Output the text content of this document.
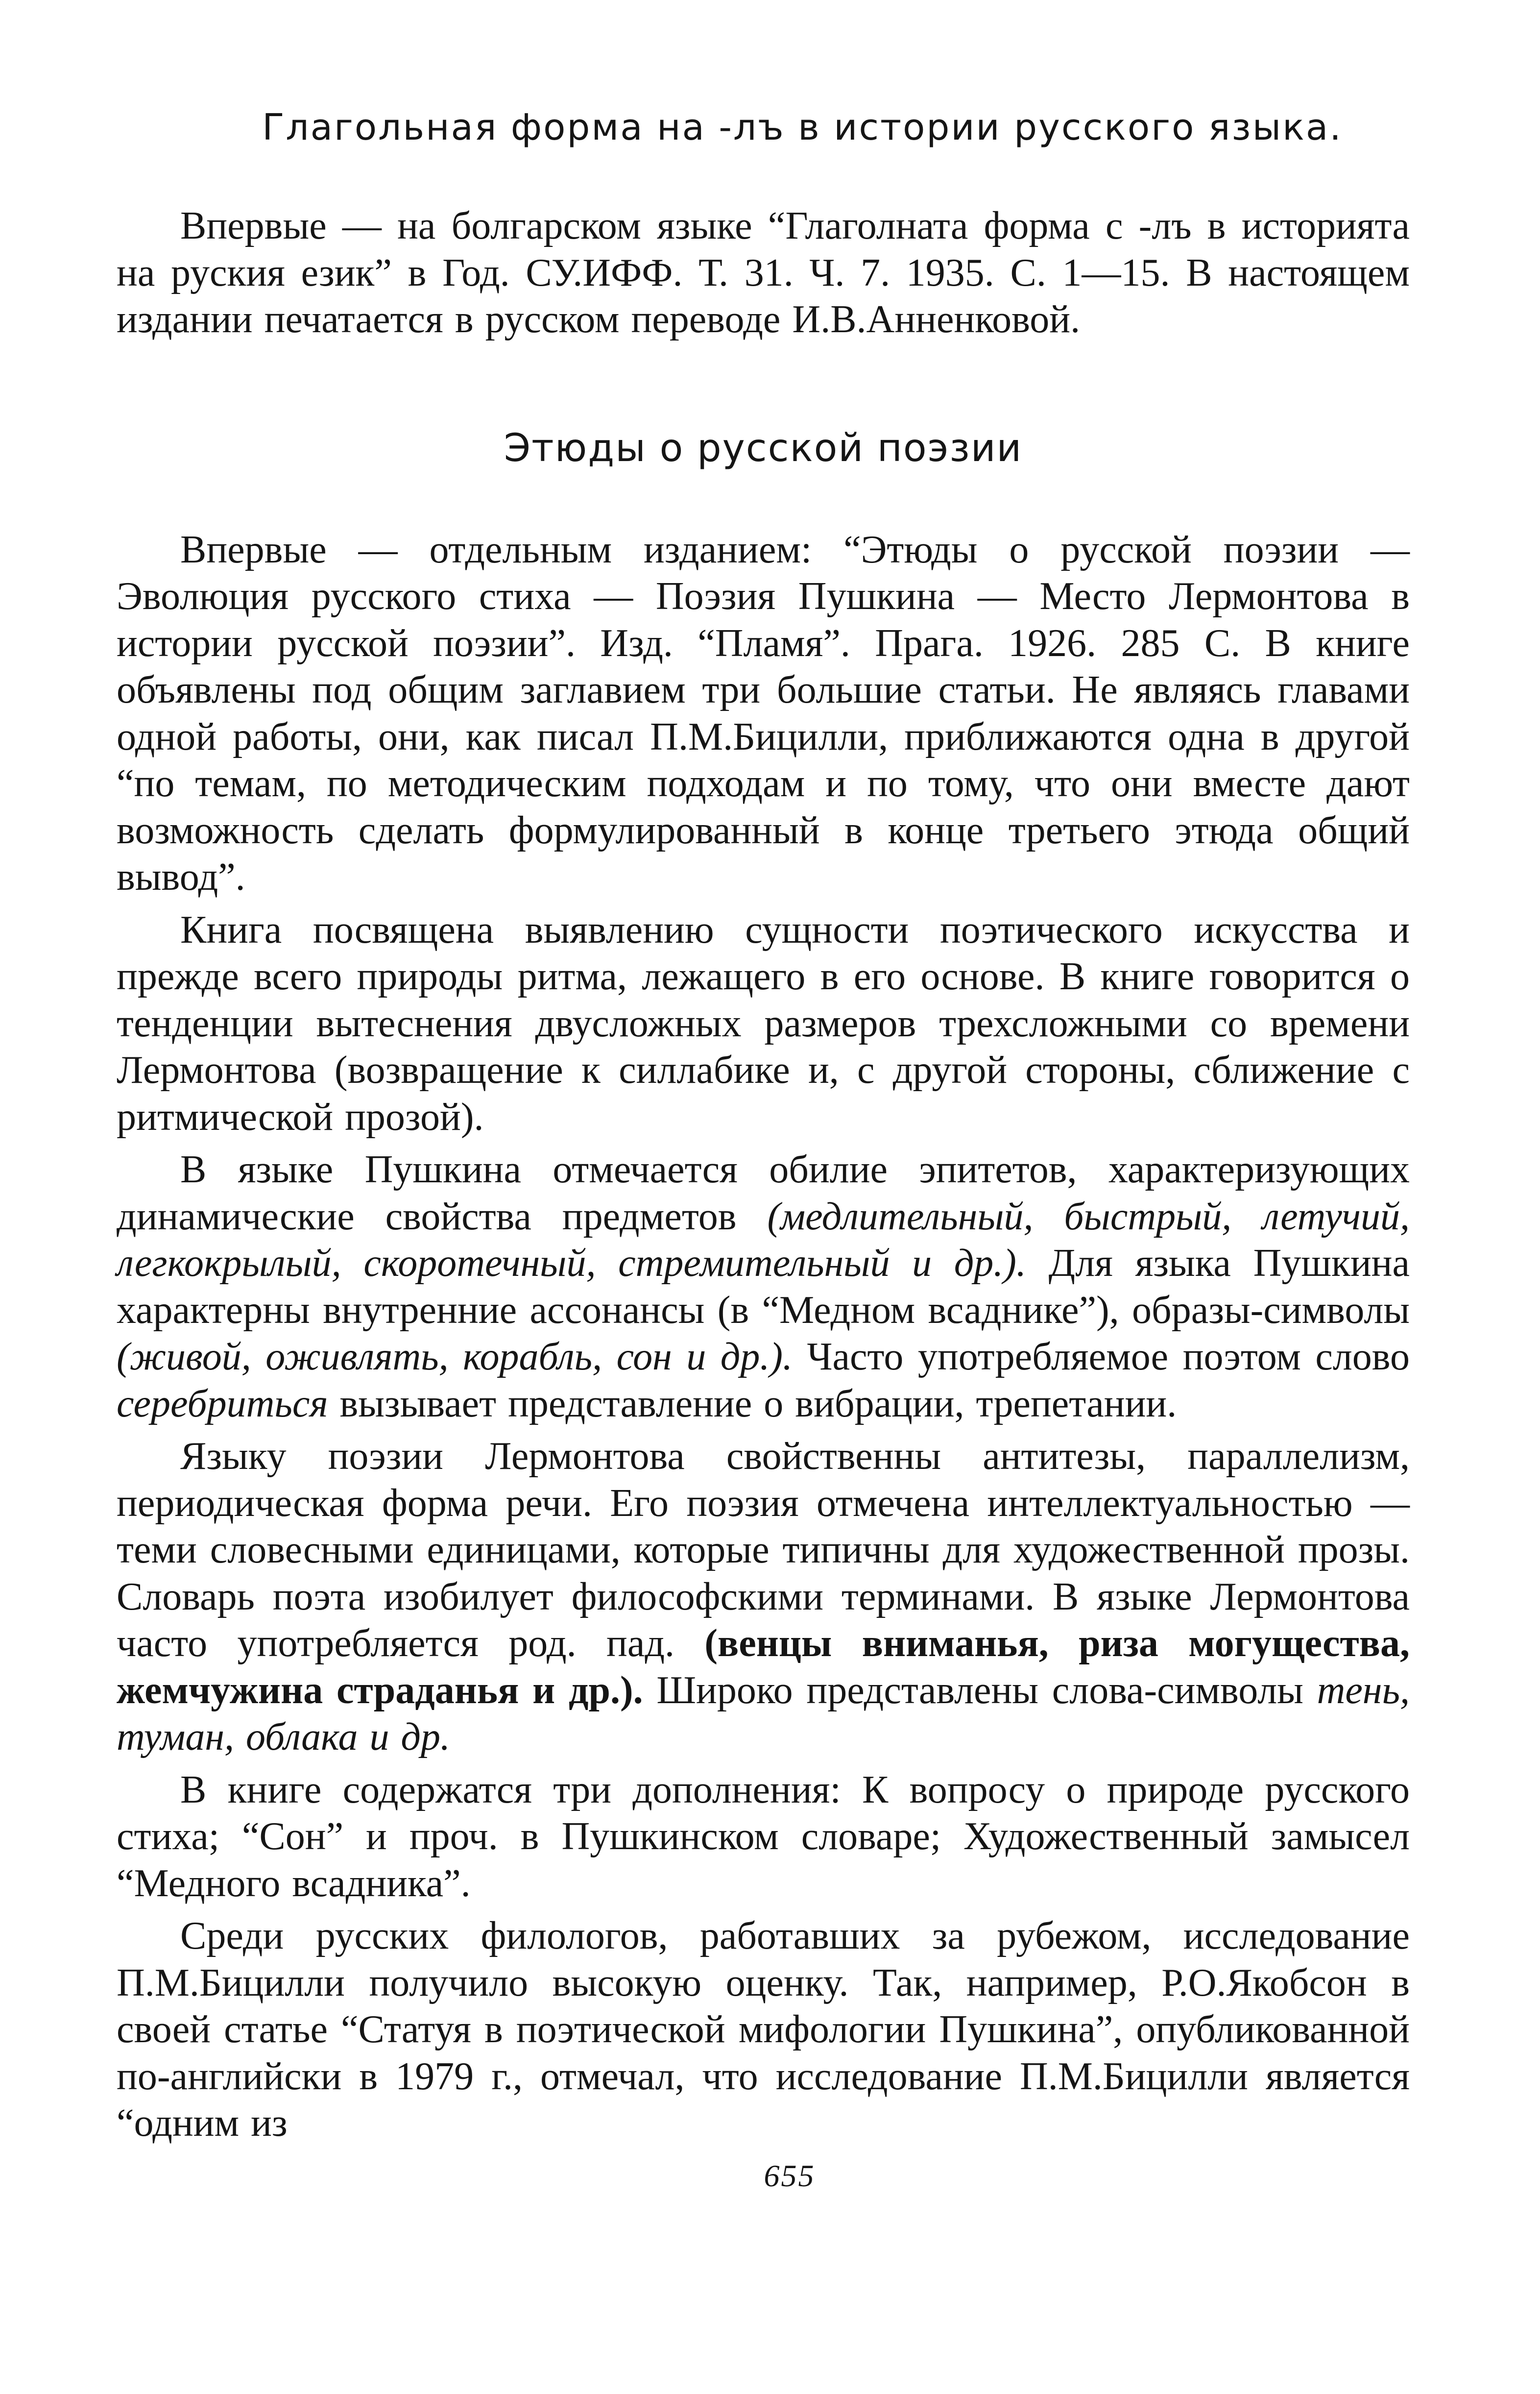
Глагольная форма на -лъ в истории русского языка.

Впервые — на болгарском языке “Глаголната форма с -лъ в историята на руския език” в Год. СУ.ИФФ. Т. 31. Ч. 7. 1935. С. 1—15. В настоящем издании печатается в русском переводе И.В.Анненковой.

Этюды о русской поэзии

Впервые — отдельным изданием: “Этюды о русской поэзии — Эволюция русского стиха — Поэзия Пушкина — Место Лермонтова в истории русской поэзии”. Изд. “Пламя”. Прага. 1926. 285 С. В книге объявлены под общим заглавием три большие статьи. Не являясь главами одной работы, они, как писал П.М.Бицилли, приближаются одна в другой “по темам, по методическим подходам и по тому, что они вместе дают возможность сделать формулированный в конце третьего этюда общий вывод”.

Книга посвящена выявлению сущности поэтического искусства и прежде всего природы ритма, лежащего в его основе. В книге говорится о тенденции вытеснения двусложных размеров трехсложными со времени Лермонтова (возвращение к силлабике и, с другой стороны, сближение с ритмической прозой).

В языке Пушкина отмечается обилие эпитетов, характеризующих динамические свойства предметов (медлительный, быстрый, летучий, легкокрылый, скоротечный, стремительный и др.). Для языка Пушкина характерны внутренние ассонансы (в “Медном всаднике”), образы-символы (живой, оживлять, корабль, сон и др.). Часто употребляемое поэтом слово серебриться вызывает представление о вибрации, трепетании.

Языку поэзии Лермонтова свойственны антитезы, параллелизм, периодическая форма речи. Его поэзия отмечена интеллектуальностью — теми словесными единицами, которые типичны для художественной прозы. Словарь поэта изобилует философскими терминами. В языке Лермонтова часто употребляется род. пад. (венцы вниманья, риза могущества, жемчужина страданья и др.). Широко представлены слова-символы тень, туман, облака и др.

В книге содержатся три дополнения: К вопросу о природе русского стиха; “Сон” и проч. в Пушкинском словаре; Художественный замысел “Медного всадника”.

Среди русских филологов, работавших за рубежом, исследование П.М.Бицилли получило высокую оценку. Так, например, Р.О.Якобсон в своей статье “Статуя в поэтической мифологии Пушкина”, опубликованной по-английски в 1979 г., отмечал, что исследование П.М.Бицилли является “одним из

655
